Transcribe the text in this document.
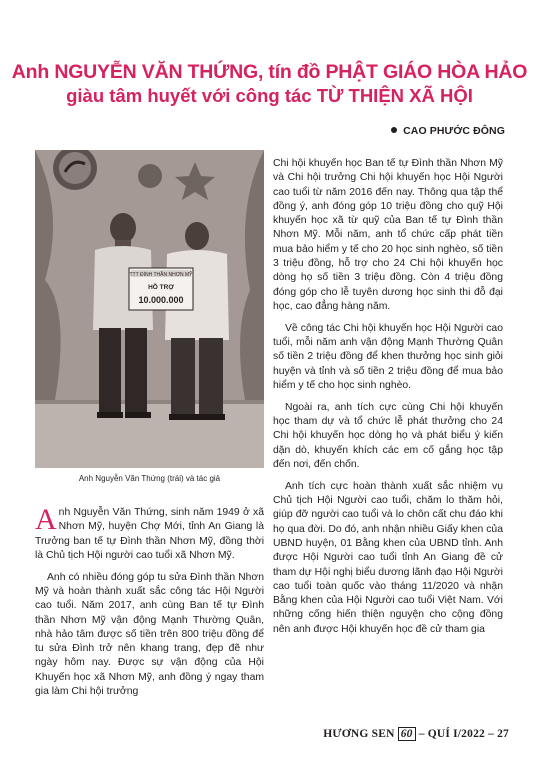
Anh NGUYỄN VĂN THỨNG, tín đồ PHẬT GIÁO HÒA HẢO
giàu tâm huyết với công tác TỪ THIỆN XÃ HỘI
CAO PHƯỚC ĐÔNG
TTT ĐÌNH THẦN NHƠN MỸ
HỖ TRỢ
10.000.000
Anh Nguyễn Văn Thứng (trái) và tác giả

Anh Nguyễn Văn Thứng, sinh năm 1949 ở xã Nhơn Mỹ, huyện Chợ Mới, tỉnh An Giang là Trưởng ban tế tự Đình thần Nhơn Mỹ, đồng thời là Chủ tịch Hội người cao tuổi xã Nhơn Mỹ.

Anh có nhiều đóng góp tu sửa Đình thần Nhơn Mỹ và hoàn thành xuất sắc công tác Hội Người cao tuổi. Năm 2017, anh cùng Ban tế tự Đình thần Nhơn Mỹ vận động Mạnh Thường Quân, nhà hảo tâm được số tiền trên 800 triệu đồng để tu sửa Đình trở nên khang trang, đẹp đẽ như ngày hôm nay. Được sự vận động của Hội Khuyến học xã Nhơn Mỹ, anh đồng ý ngay tham gia làm Chi hội trưởng

Chi hội khuyến học Ban tế tự Đình thần Nhơn Mỹ và Chi hội trưởng Chi hội khuyến học Hội Người cao tuổi từ năm 2016 đến nay. Thông qua tập thể đồng ý, anh đóng góp 10 triệu đồng cho quỹ Hội khuyến học xã từ quỹ của Ban tế tự Đình thần Nhơn Mỹ. Mỗi năm, anh tổ chức cấp phát tiền mua bảo hiểm y tế cho 20 học sinh nghèo, số tiền 3 triệu đồng, hỗ trợ cho 24 Chi hội khuyến học dòng họ số tiền 3 triệu đồng. Còn 4 triệu đồng đóng góp cho lễ tuyên dương học sinh thi đỗ đại học, cao đẳng hàng năm.

Về công tác Chi hội khuyến học Hội Người cao tuổi, mỗi năm anh vận động Mạnh Thường Quân số tiền 2 triệu đồng để khen thưởng học sinh giỏi huyện và tỉnh và số tiền 2 triệu đồng để mua bảo hiểm y tế cho học sinh nghèo.

Ngoài ra, anh tích cực cùng Chi hội khuyến học tham dự và tổ chức lễ phát thưởng cho 24 Chi hội khuyến học dòng họ và phát biểu ý kiến dặn dò, khuyến khích các em cố gắng học tập đến nơi, đến chốn.

Anh tích cực hoàn thành xuất sắc nhiệm vụ Chủ tịch Hội Người cao tuổi, chăm lo thăm hỏi, giúp đỡ người cao tuổi và lo chôn cất chu đáo khi họ qua đời. Do đó, anh nhận nhiều Giấy khen của UBND huyện, 01 Bằng khen của UBND tỉnh. Anh được Hội Người cao tuổi tỉnh An Giang đề cử tham dự Hội nghị biểu dương lãnh đạo Hội Người cao tuổi toàn quốc vào tháng 11/2020 và nhận Bằng khen của Hội Người cao tuổi Việt Nam. Với những cống hiến thiện nguyện cho cộng đồng nên anh được Hội khuyến học đề cử tham gia

HƯƠNG SEN 60 – QUÍ I/2022 – 27
